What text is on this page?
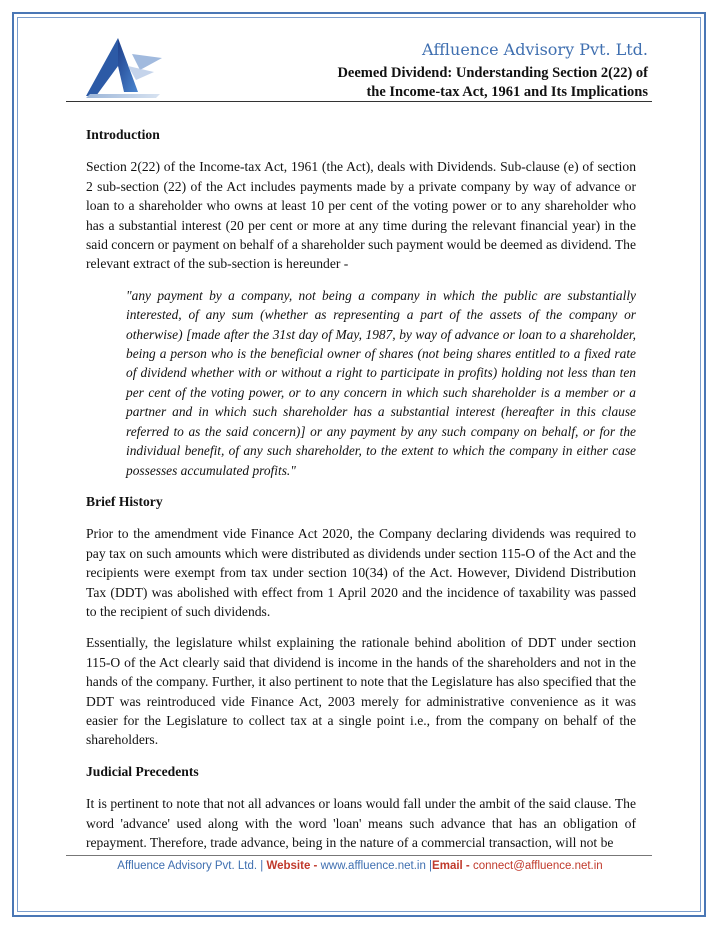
Affluence Advisory Pvt. Ltd.
Deemed Dividend: Understanding Section 2(22) of
the Income-tax Act, 1961 and Its Implications
Introduction

Section 2(22) of the Income-tax Act, 1961 (the Act), deals with Dividends. Sub-clause (e) of section 2 sub-section (22) of the Act includes payments made by a private company by way of advance or loan to a shareholder who owns at least 10 per cent of the voting power or to any shareholder who has a substantial interest (20 per cent or more at any time during the relevant financial year) in the said concern or payment on behalf of a shareholder such payment would be deemed as dividend. The relevant extract of the sub-section is hereunder -

"any payment by a company, not being a company in which the public are substantially interested, of any sum (whether as representing a part of the assets of the company or otherwise) [made after the 31st day of May, 1987, by way of advance or loan to a shareholder, being a person who is the beneficial owner of shares (not being shares entitled to a fixed rate of dividend whether with or without a right to participate in profits) holding not less than ten per cent of the voting power, or to any concern in which such shareholder is a member or a partner and in which such shareholder has a substantial interest (hereafter in this clause referred to as the said concern)] or any payment by any such company on behalf, or for the individual benefit, of any such shareholder, to the extent to which the company in either case possesses accumulated profits."
Brief History

Prior to the amendment vide Finance Act 2020, the Company declaring dividends was required to pay tax on such amounts which were distributed as dividends under section 115-O of the Act and the recipients were exempt from tax under section 10(34) of the Act. However, Dividend Distribution Tax (DDT) was abolished with effect from 1 April 2020 and the incidence of taxability was passed to the recipient of such dividends.

Essentially, the legislature whilst explaining the rationale behind abolition of DDT under section 115-O of the Act clearly said that dividend is income in the hands of the shareholders and not in the hands of the company. Further, it also pertinent to note that the Legislature has also specified that the DDT was reintroduced vide Finance Act, 2003 merely for administrative convenience as it was easier for the Legislature to collect tax at a single point i.e., from the company on behalf of the shareholders.

Judicial Precedents

It is pertinent to note that not all advances or loans would fall under the ambit of the said clause. The word 'advance' used along with the word 'loan' means such advance that has an obligation of repayment. Therefore, trade advance, being in the nature of a commercial transaction, will not be

Affluence Advisory Pvt. Ltd. | Website - www.affluence.net.in |Email - connect@affluence.net.in
